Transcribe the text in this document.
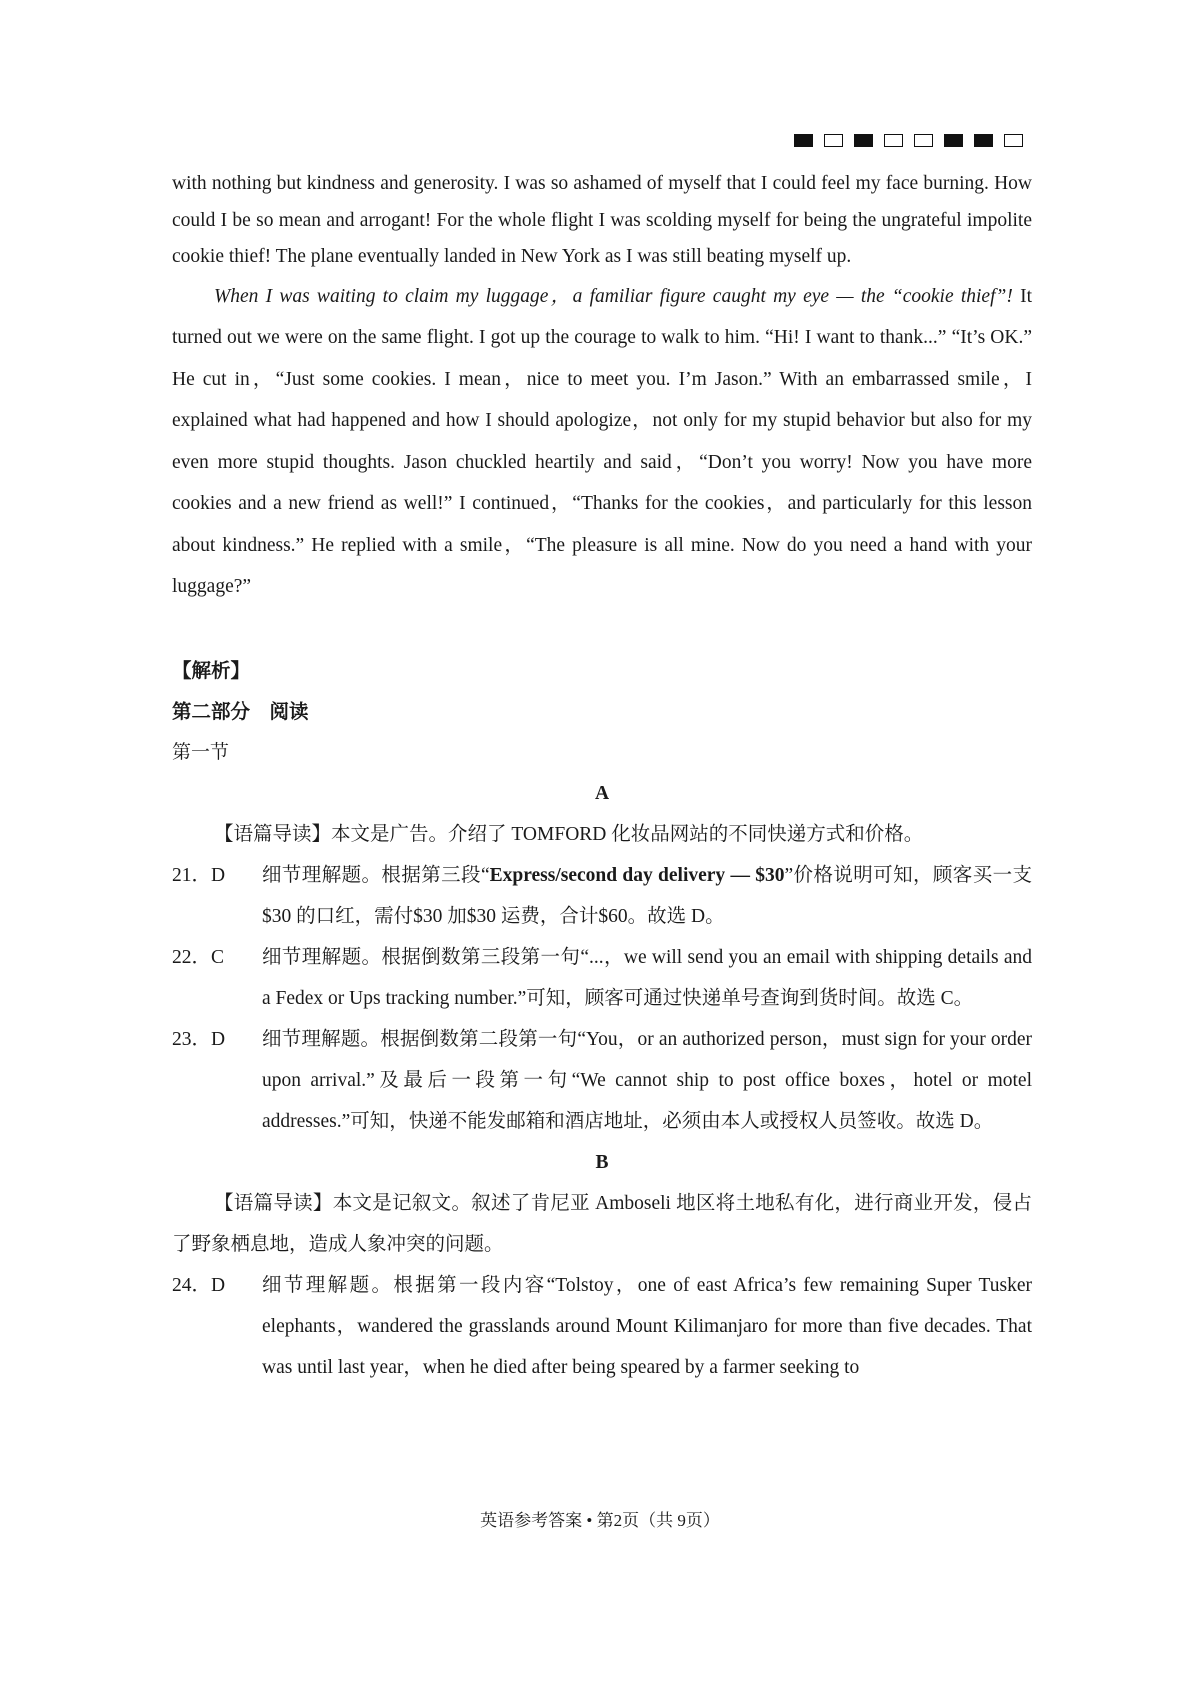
with nothing but kindness and generosity. I was so ashamed of myself that I could feel my face burning. How could I be so mean and arrogant! For the whole flight I was scolding myself for being the ungrateful impolite cookie thief! The plane eventually landed in New York as I was still beating myself up.

When I was waiting to claim my luggage，a familiar figure caught my eye — the “cookie thief”! It turned out we were on the same flight. I got up the courage to walk to him. “Hi! I want to thank...” “It’s OK.” He cut in，“Just some cookies. I mean，nice to meet you. I’m Jason.” With an embarrassed smile，I explained what had happened and how I should apologize，not only for my stupid behavior but also for my even more stupid thoughts. Jason chuckled heartily and said，“Don’t you worry! Now you have more cookies and a new friend as well!” I continued，“Thanks for the cookies，and particularly for this lesson about kindness.” He replied with a smile，“The pleasure is all mine. Now do you need a hand with your luggage?”

【解析】
第二部分　阅读
第一节
A
【语篇导读】本文是广告。介绍了 TOMFORD 化妆品网站的不同快递方式和价格。
21．D	细节理解题。根据第三段“Express/second day delivery — $30”价格说明可知，顾客买一支$30 的口红，需付$30 加$30 运费，合计$60。故选 D。
22．C	细节理解题。根据倒数第三段第一句“...，we will send you an email with shipping details and a Fedex or Ups tracking number.”可知，顾客可通过快递单号查询到货时间。故选 C。
23．D	细节理解题。根据倒数第二段第一句“You，or an authorized person，must sign for your order upon arrival.”及最后一段第一句“We cannot ship to post office boxes，hotel or motel addresses.”可知，快递不能发邮箱和酒店地址，必须由本人或授权人员签收。故选 D。
B
【语篇导读】本文是记叙文。叙述了肯尼亚 Amboseli 地区将土地私有化，进行商业开发，侵占了野象栖息地，造成人象冲突的问题。
24．D	细节理解题。根据第一段内容“Tolstoy，one of east Africa’s few remaining Super Tusker elephants，wandered the grasslands around Mount Kilimanjaro for more than five decades. That was until last year，when he died after being speared by a farmer seeking to
英语参考答案 • 第2页（共 9页）
